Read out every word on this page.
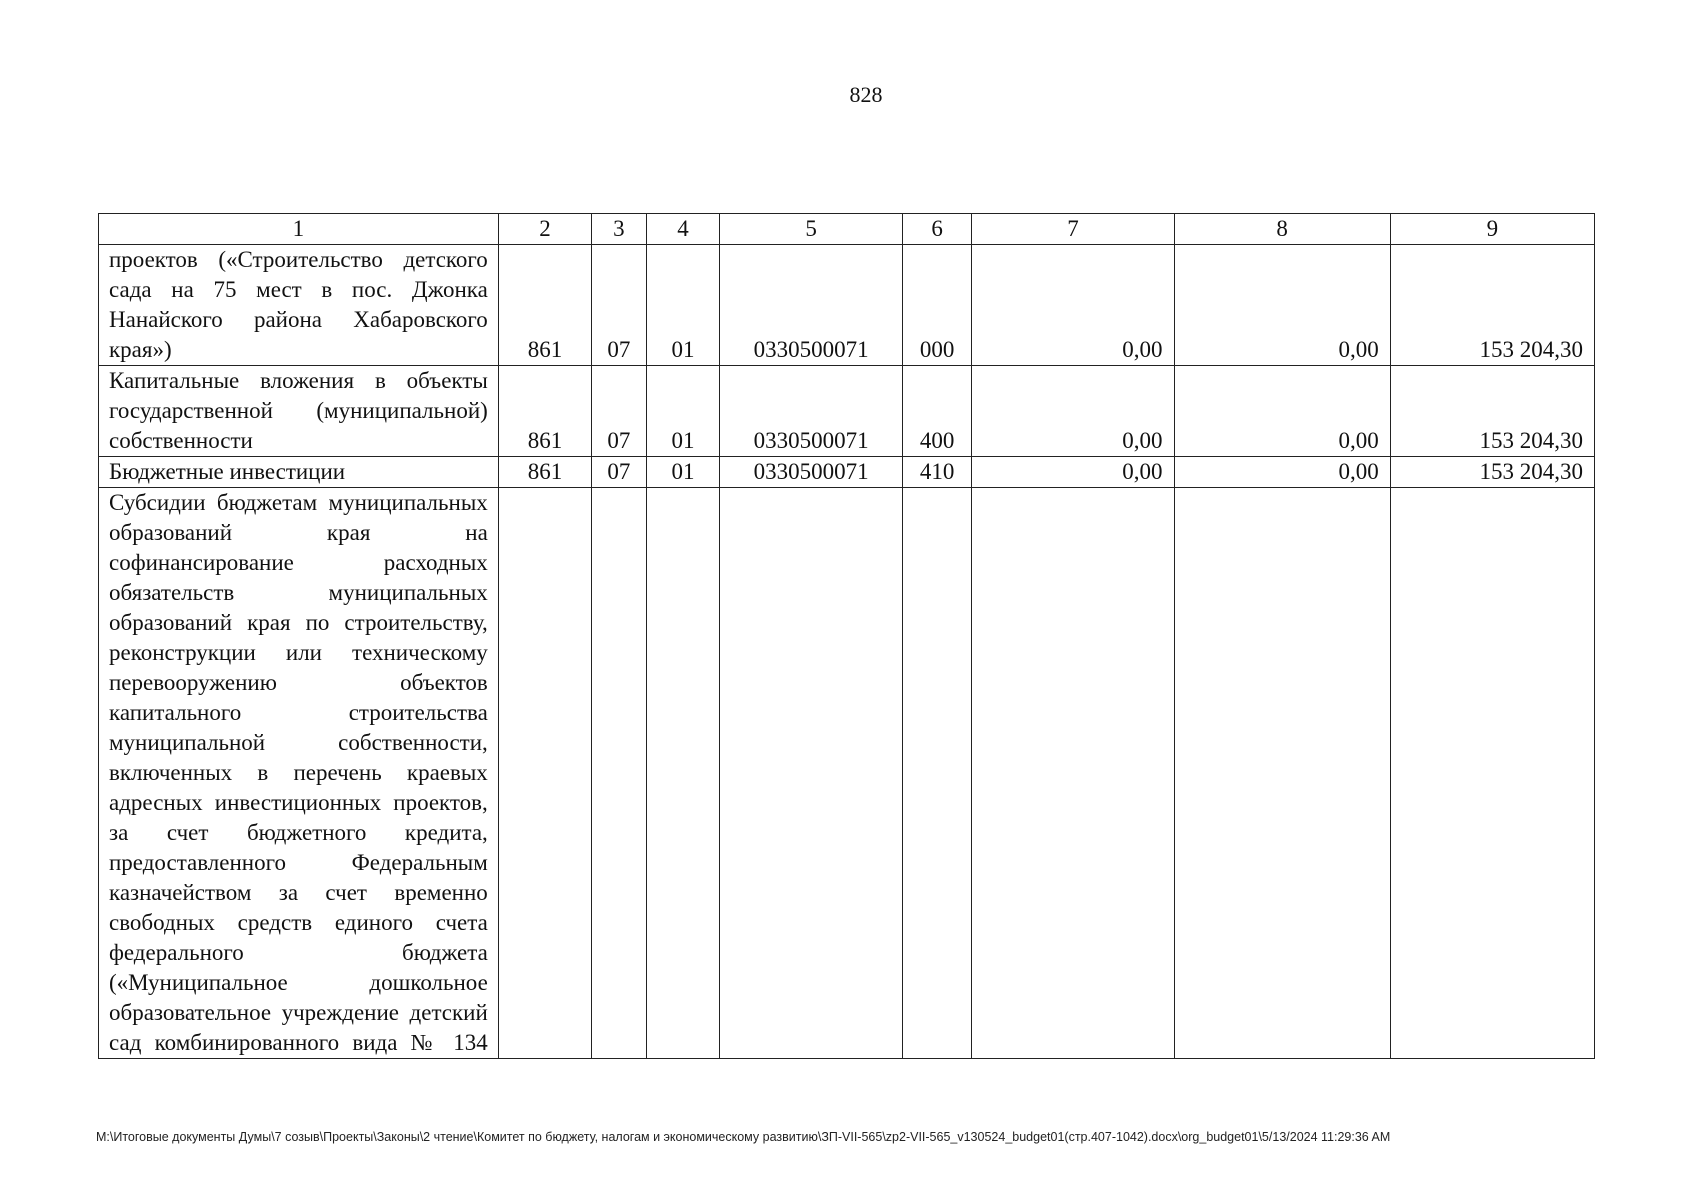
828
1	2	3	4	5	6	7	8	9
проектов («Строительство детского сада на 75 мест в пос. Джонка Нанайского района Хабаровского края»)	861	07	01	0330500071	000	0,00	0,00	153 204,30
Капитальные вложения в объекты государственной (муниципальной) собственности	861	07	01	0330500071	400	0,00	0,00	153 204,30
Бюджетные инвестиции	861	07	01	0330500071	410	0,00	0,00	153 204,30
Субсидии бюджетам муниципальных образований края на софинансирование расходных обязательств муниципальных образований края по строительству, реконструкции или техническому перевооружению объектов капитального строительства муниципальной собственности, включенных в перечень краевых адресных инвестиционных проектов, за счет бюджетного кредита, предоставленного Федеральным казначейством за счет временно свободных средств единого счета федерального бюджета («Муниципальное дошкольное образовательное учреждение детский сад комбинированного вида № 134								
M:\Итоговые документы Думы\7 созыв\Проекты\Законы\2 чтение\Комитет по бюджету, налогам и экономическому развитию\ЗП-VII-565\zp2-VII-565_v130524_budget01(стр.407-1042).docx\org_budget01\5/13/2024 11:29:36 AM
